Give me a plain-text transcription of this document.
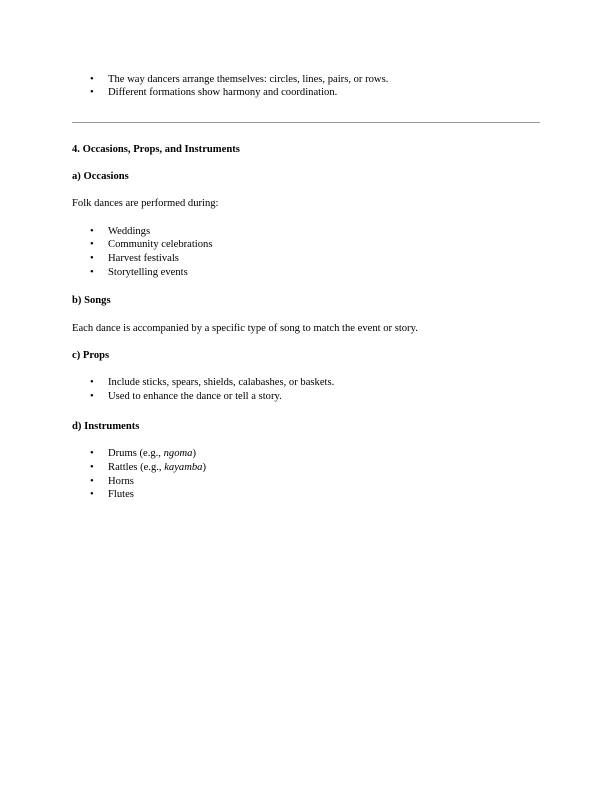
• The way dancers arrange themselves: circles, lines, pairs, or rows.
• Different formations show harmony and coordination.
4. Occasions, Props, and Instruments
a) Occasions
Folk dances are performed during:
• Weddings
• Community celebrations
• Harvest festivals
• Storytelling events
b) Songs
Each dance is accompanied by a specific type of song to match the event or story.
c) Props
• Include sticks, spears, shields, calabashes, or baskets.
• Used to enhance the dance or tell a story.
d) Instruments
• Drums (e.g., ngoma)
• Rattles (e.g., kayamba)
• Horns
• Flutes
